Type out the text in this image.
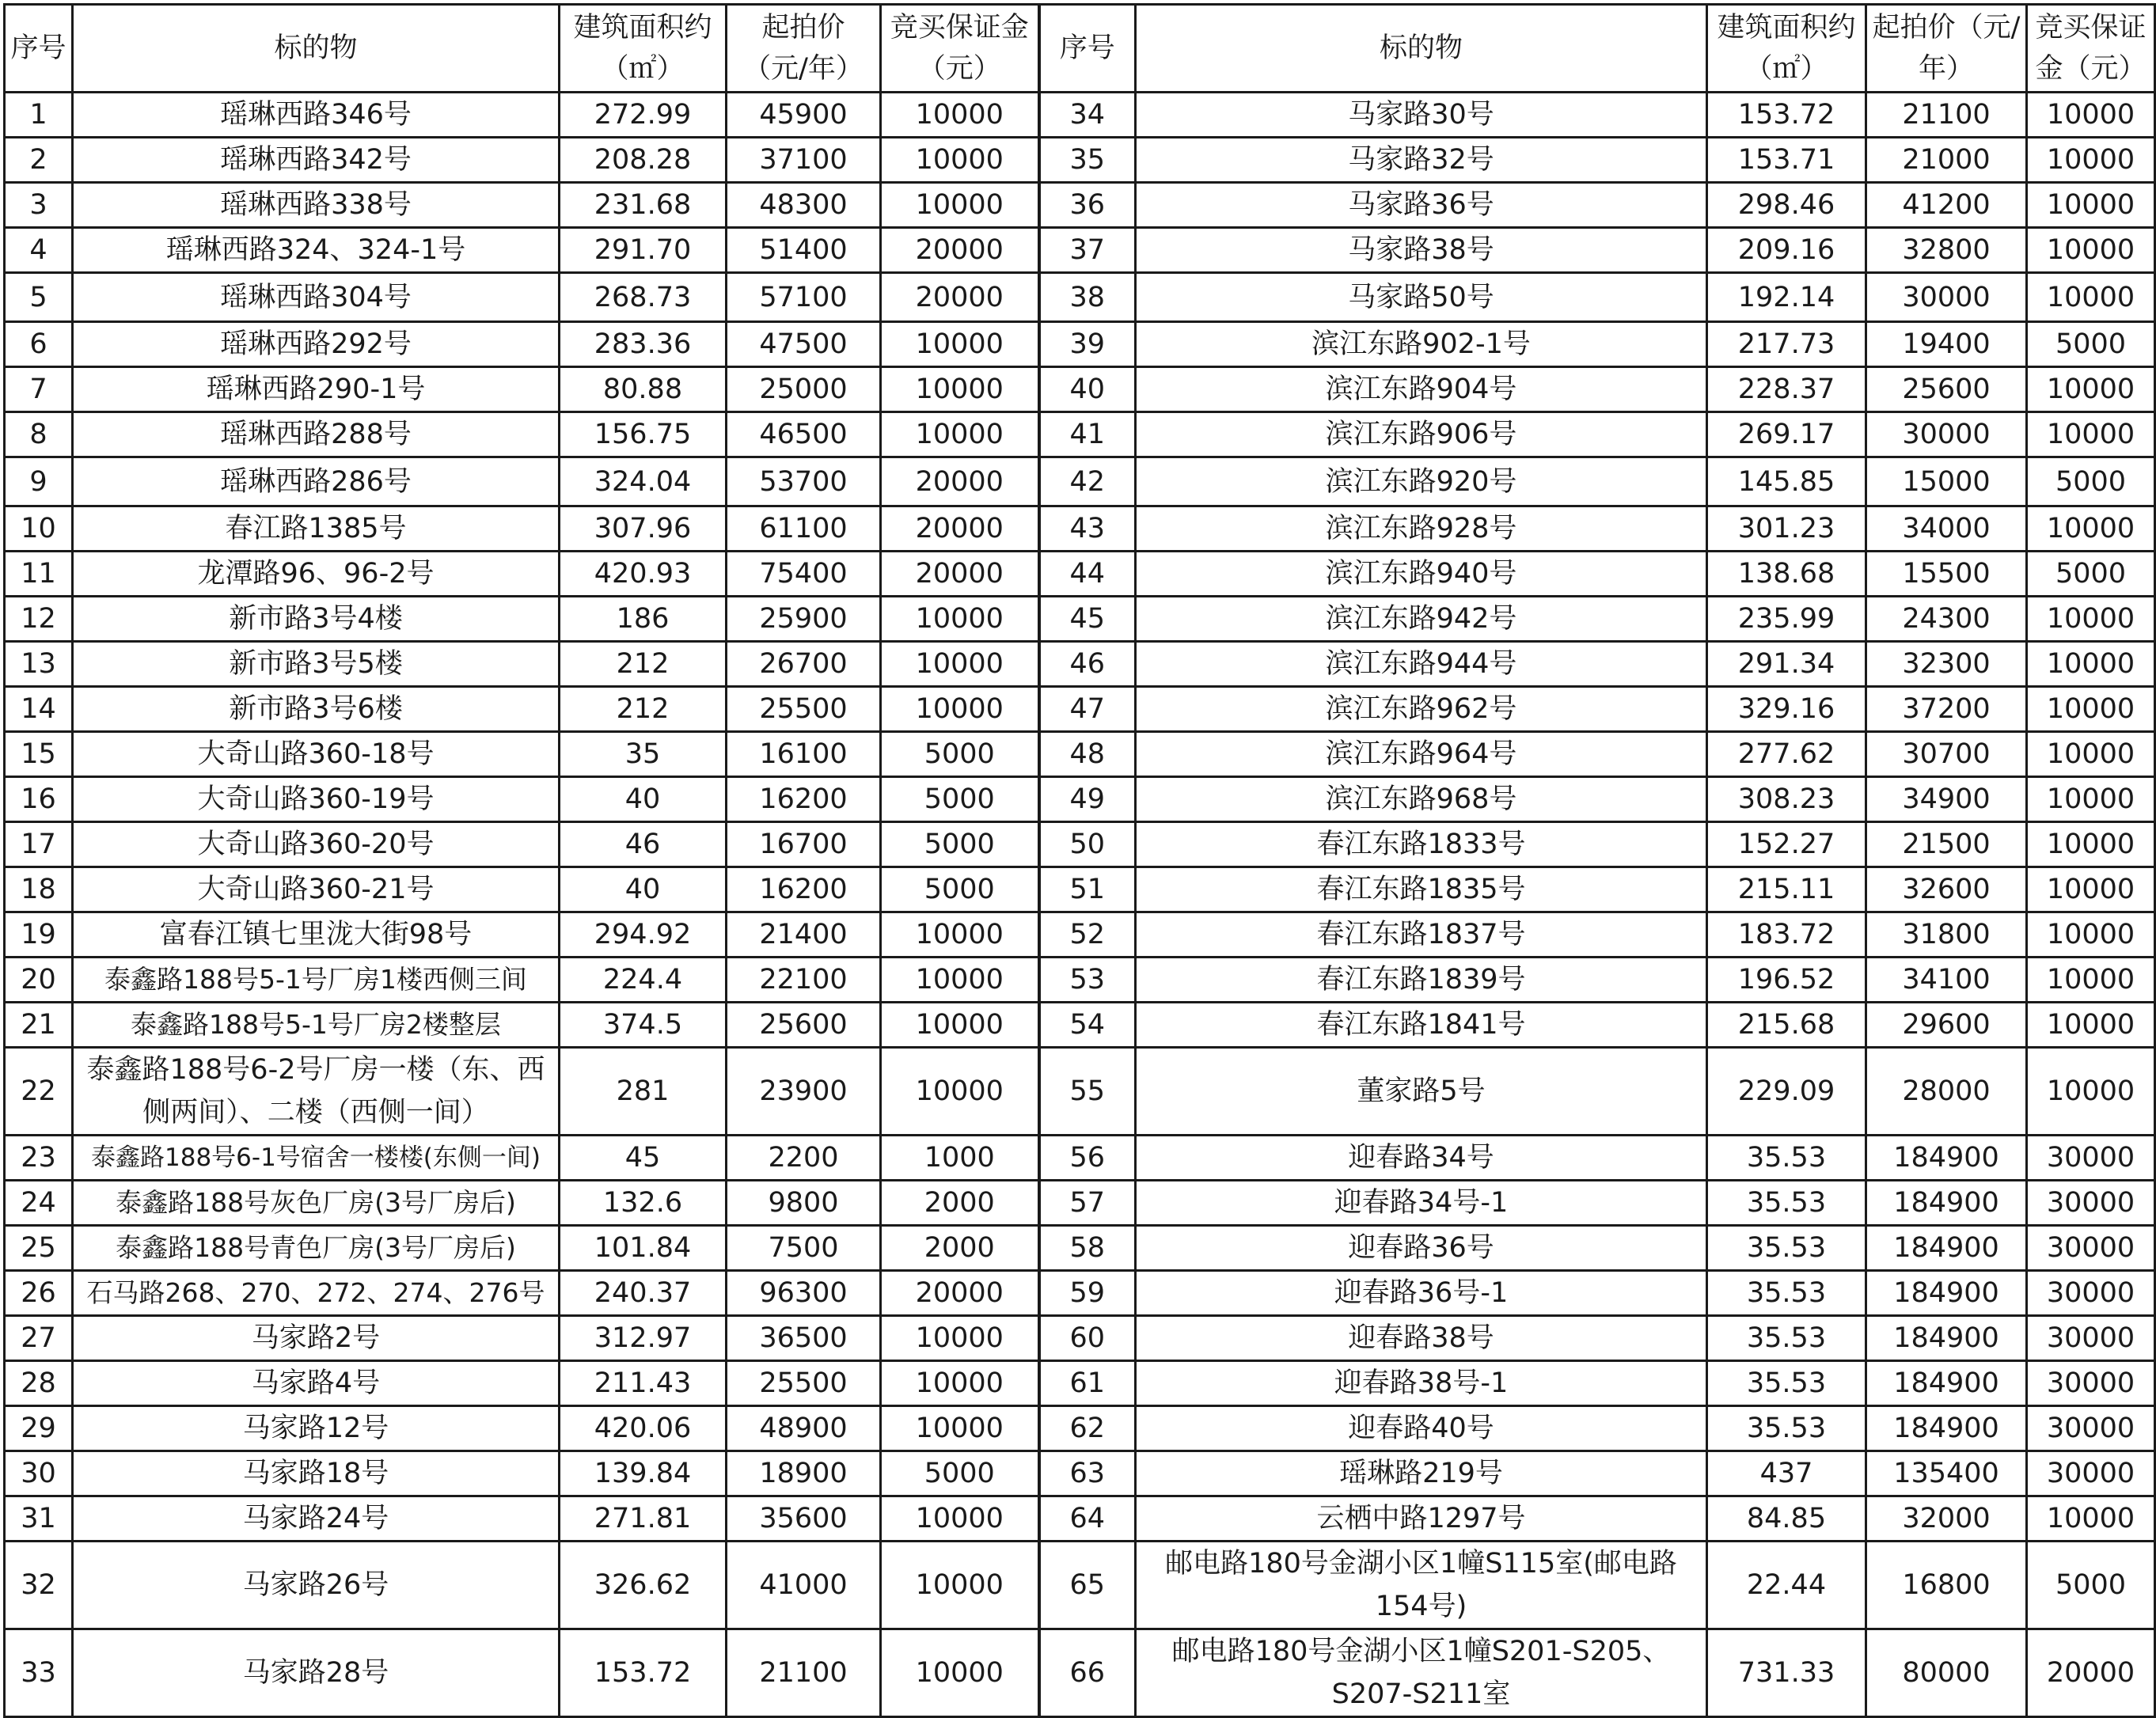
序号	标的物	建筑面积约（㎡）	起拍价（元/年）	竞买保证金（元）	序号	标的物	建筑面积约（㎡）	起拍价（元/年）	竞买保证金（元）
1	瑶琳西路346号	272.99	45900	10000	34	马家路30号	153.72	21100	10000
2	瑶琳西路342号	208.28	37100	10000	35	马家路32号	153.71	21000	10000
3	瑶琳西路338号	231.68	48300	10000	36	马家路36号	298.46	41200	10000
4	瑶琳西路324、324-1号	291.70	51400	20000	37	马家路38号	209.16	32800	10000
5	瑶琳西路304号	268.73	57100	20000	38	马家路50号	192.14	30000	10000
6	瑶琳西路292号	283.36	47500	10000	39	滨江东路902-1号	217.73	19400	5000
7	瑶琳西路290-1号	80.88	25000	10000	40	滨江东路904号	228.37	25600	10000
8	瑶琳西路288号	156.75	46500	10000	41	滨江东路906号	269.17	30000	10000
9	瑶琳西路286号	324.04	53700	20000	42	滨江东路920号	145.85	15000	5000
10	春江路1385号	307.96	61100	20000	43	滨江东路928号	301.23	34000	10000
11	龙潭路96、96-2号	420.93	75400	20000	44	滨江东路940号	138.68	15500	5000
12	新市路3号4楼	186	25900	10000	45	滨江东路942号	235.99	24300	10000
13	新市路3号5楼	212	26700	10000	46	滨江东路944号	291.34	32300	10000
14	新市路3号6楼	212	25500	10000	47	滨江东路962号	329.16	37200	10000
15	大奇山路360-18号	35	16100	5000	48	滨江东路964号	277.62	30700	10000
16	大奇山路360-19号	40	16200	5000	49	滨江东路968号	308.23	34900	10000
17	大奇山路360-20号	46	16700	5000	50	春江东路1833号	152.27	21500	10000
18	大奇山路360-21号	40	16200	5000	51	春江东路1835号	215.11	32600	10000
19	富春江镇七里泷大街98号	294.92	21400	10000	52	春江东路1837号	183.72	31800	10000
20	泰鑫路188号5-1号厂房1楼西侧三间	224.4	22100	10000	53	春江东路1839号	196.52	34100	10000
21	泰鑫路188号5-1号厂房2楼整层	374.5	25600	10000	54	春江东路1841号	215.68	29600	10000
22	泰鑫路188号6-2号厂房一楼（东、西侧两间）、二楼（西侧一间）	281	23900	10000	55	董家路5号	229.09	28000	10000
23	泰鑫路188号6-1号宿舍一楼楼(东侧一间)	45	2200	1000	56	迎春路34号	35.53	184900	30000
24	泰鑫路188号灰色厂房(3号厂房后)	132.6	9800	2000	57	迎春路34号-1	35.53	184900	30000
25	泰鑫路188号青色厂房(3号厂房后)	101.84	7500	2000	58	迎春路36号	35.53	184900	30000
26	石马路268、270、272、274、276号	240.37	96300	20000	59	迎春路36号-1	35.53	184900	30000
27	马家路2号	312.97	36500	10000	60	迎春路38号	35.53	184900	30000
28	马家路4号	211.43	25500	10000	61	迎春路38号-1	35.53	184900	30000
29	马家路12号	420.06	48900	10000	62	迎春路40号	35.53	184900	30000
30	马家路18号	139.84	18900	5000	63	瑶琳路219号	437	135400	30000
31	马家路24号	271.81	35600	10000	64	云栖中路1297号	84.85	32000	10000
32	马家路26号	326.62	41000	10000	65	邮电路180号金湖小区1幢S115室(邮电路154号)	22.44	16800	5000
33	马家路28号	153.72	21100	10000	66	邮电路180号金湖小区1幢S201-S205、S207-S211室	731.33	80000	20000
